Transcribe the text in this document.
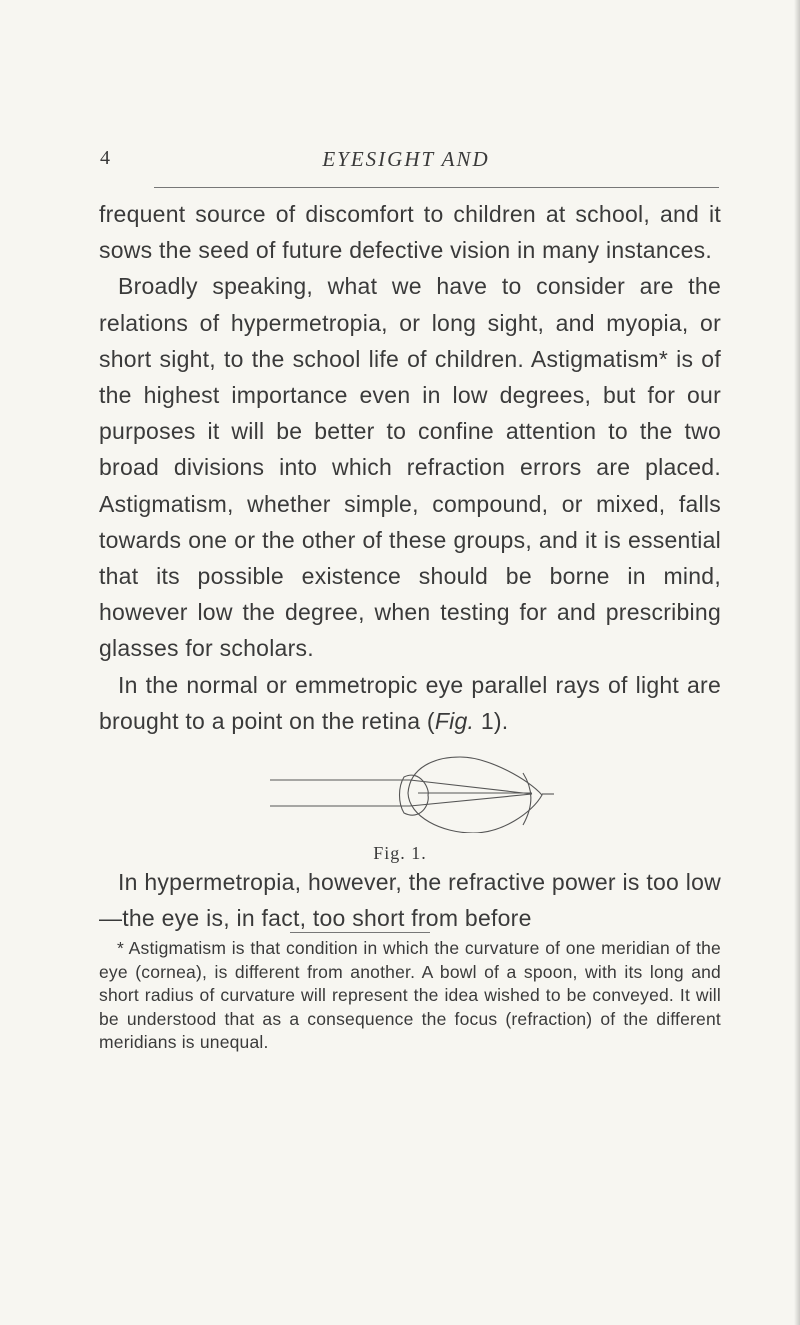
4	EYESIGHT AND

frequent source of discomfort to children at school, and it sows the seed of future defective vision in many instances.

Broadly speaking, what we have to consider are the relations of hypermetropia, or long sight, and myopia, or short sight, to the school life of children. Astigmatism* is of the highest importance even in low degrees, but for our purposes it will be better to confine attention to the two broad divisions into which refraction errors are placed. Astigmatism, whether simple, compound, or mixed, falls towards one or the other of these groups, and it is essential that its possible existence should be borne in mind, however low the degree, when testing for and prescribing glasses for scholars.

In the normal or emmetropic eye parallel rays of light are brought to a point on the retina (Fig. 1).

Fig. 1.

In hypermetropia, however, the refractive power is too low—the eye is, in fact, too short from before

* Astigmatism is that condition in which the curvature of one meridian of the eye (cornea), is different from another. A bowl of a spoon, with its long and short radius of curvature will represent the idea wished to be conveyed. It will be understood that as a consequence the focus (refraction) of the different meridians is unequal.
